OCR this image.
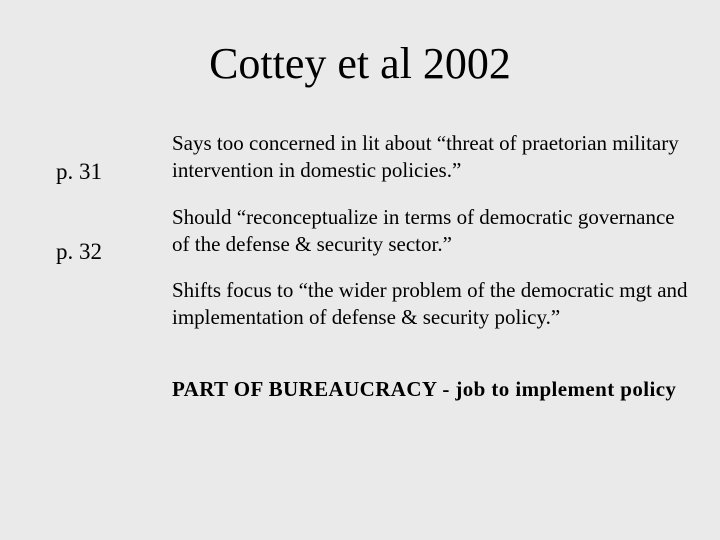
Cottey et al 2002
p. 31
p. 32
Says too concerned in lit about “threat of praetorian military intervention in domestic policies.”
Should “reconceptualize in terms of democratic governance of the defense & security sector.”
Shifts focus to “the wider problem of the democratic mgt and implementation of defense & security policy.”
PART OF BUREAUCRACY - job to implement policy
